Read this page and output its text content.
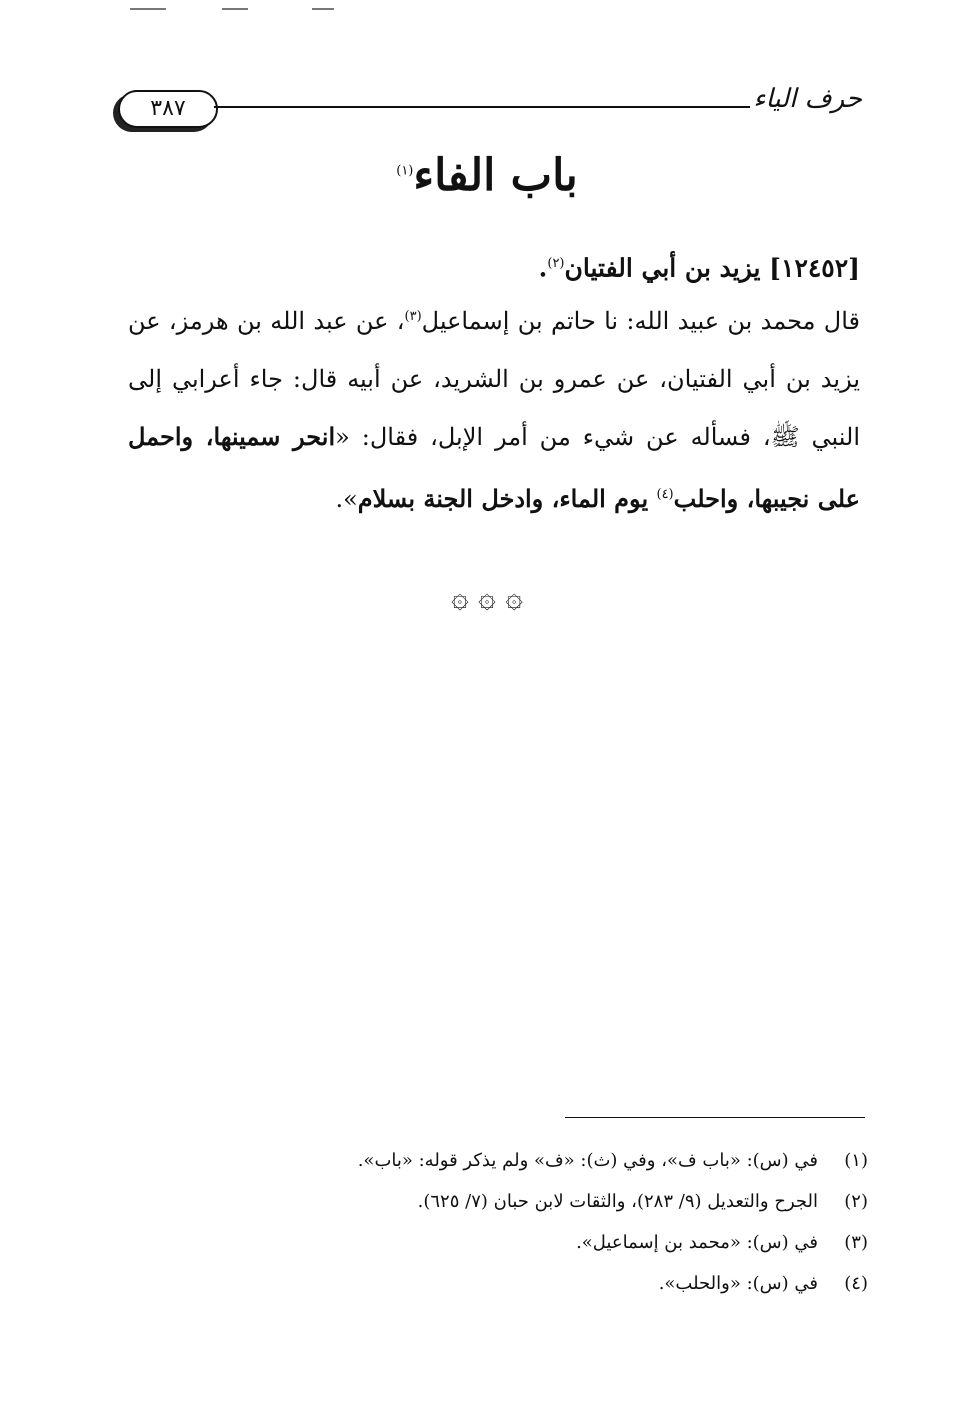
٣٨٧	حرف الياء
باب الفاء$^{(١)}$

[١٢٤٥٢] يزيد بن أبي الفتيان$^{(٢)}$.

قال محمد بن عبيد الله: نا حاتم بن إسماعيل$^{(٣)}$، عن عبد الله بن هرمز، عن يزيد بن أبي الفتيان، عن عمرو بن الشريد، عن أبيه قال: جاء أعرابي إلى النبي ﷺ، فسأله عن شيء من أمر الإبل، فقال: «انحر سمينها، واحمل على نجيبها، واحلب$^{(٤)}$ يوم الماء، وادخل الجنة بسلام».

۞ ۞ ۞
(١)في (س): «باب ف»، وفي (ث): «ف» ولم يذكر قوله: «باب».
(٢)الجرح والتعديل (٩/ ٢٨٣)، والثقات لابن حبان (٧/ ٦٢٥).
(٣)في (س): «محمد بن إسماعيل».
(٤)في (س): «والحلب».
